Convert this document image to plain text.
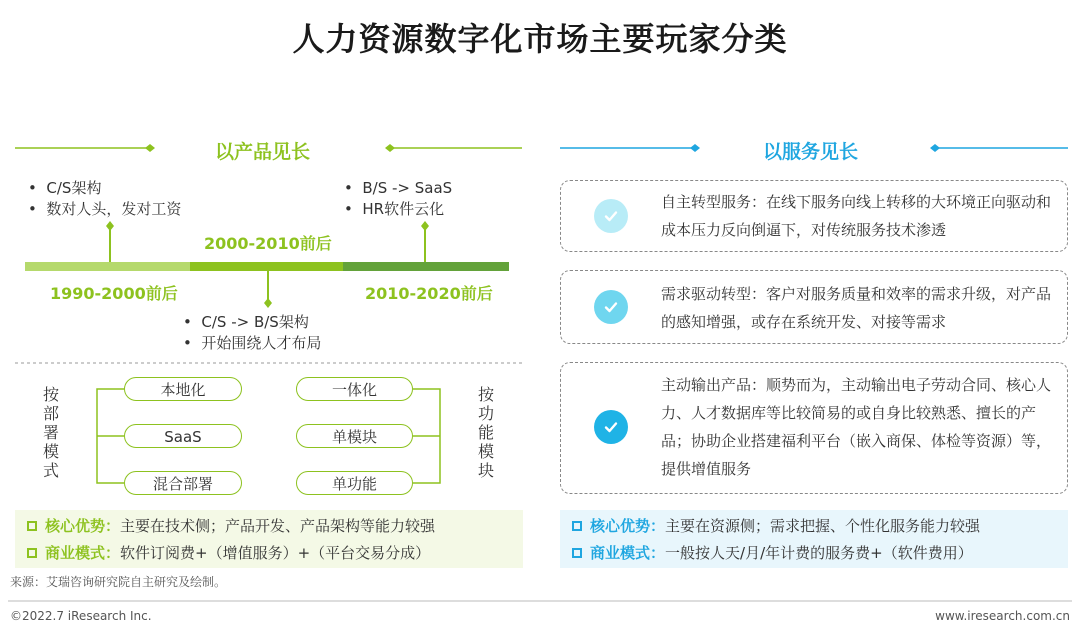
人力资源数字化市场主要玩家分类
以产品见长	以服务见长
•  C/S架构
•  数对人头，发对工资
•  B/S -> SaaS
•  HR软件云化
2000-2010前后
1990-2000前后	2010-2020前后
•  C/S -> B/S架构
•  开始围绕人才布局
按部署模式
按功能模块
本地化
SaaS
混合部署
一体化
单模块
单功能
核心优势：主要在技术侧；产品开发、产品架构等能力较强
商业模式：软件订阅费+（增值服务）+（平台交易分成）
自主转型服务：在线下服务向线上转移的大环境正向驱动和成本压力反向倒逼下，对传统服务技术渗透
需求驱动转型：客户对服务质量和效率的需求升级，对产品的感知增强，或存在系统开发、对接等需求
主动输出产品：顺势而为，主动输出电子劳动合同、核心人力、人才数据库等比较简易的或自身比较熟悉、擅长的产品；协助企业搭建福利平台（嵌入商保、体检等资源）等，提供增值服务
核心优势：主要在资源侧；需求把握、个性化服务能力较强
商业模式：一般按人天/月/年计费的服务费+（软件费用）
来源：艾瑞咨询研究院自主研究及绘制。
©2022.7 iResearch Inc.	www.iresearch.com.cn
